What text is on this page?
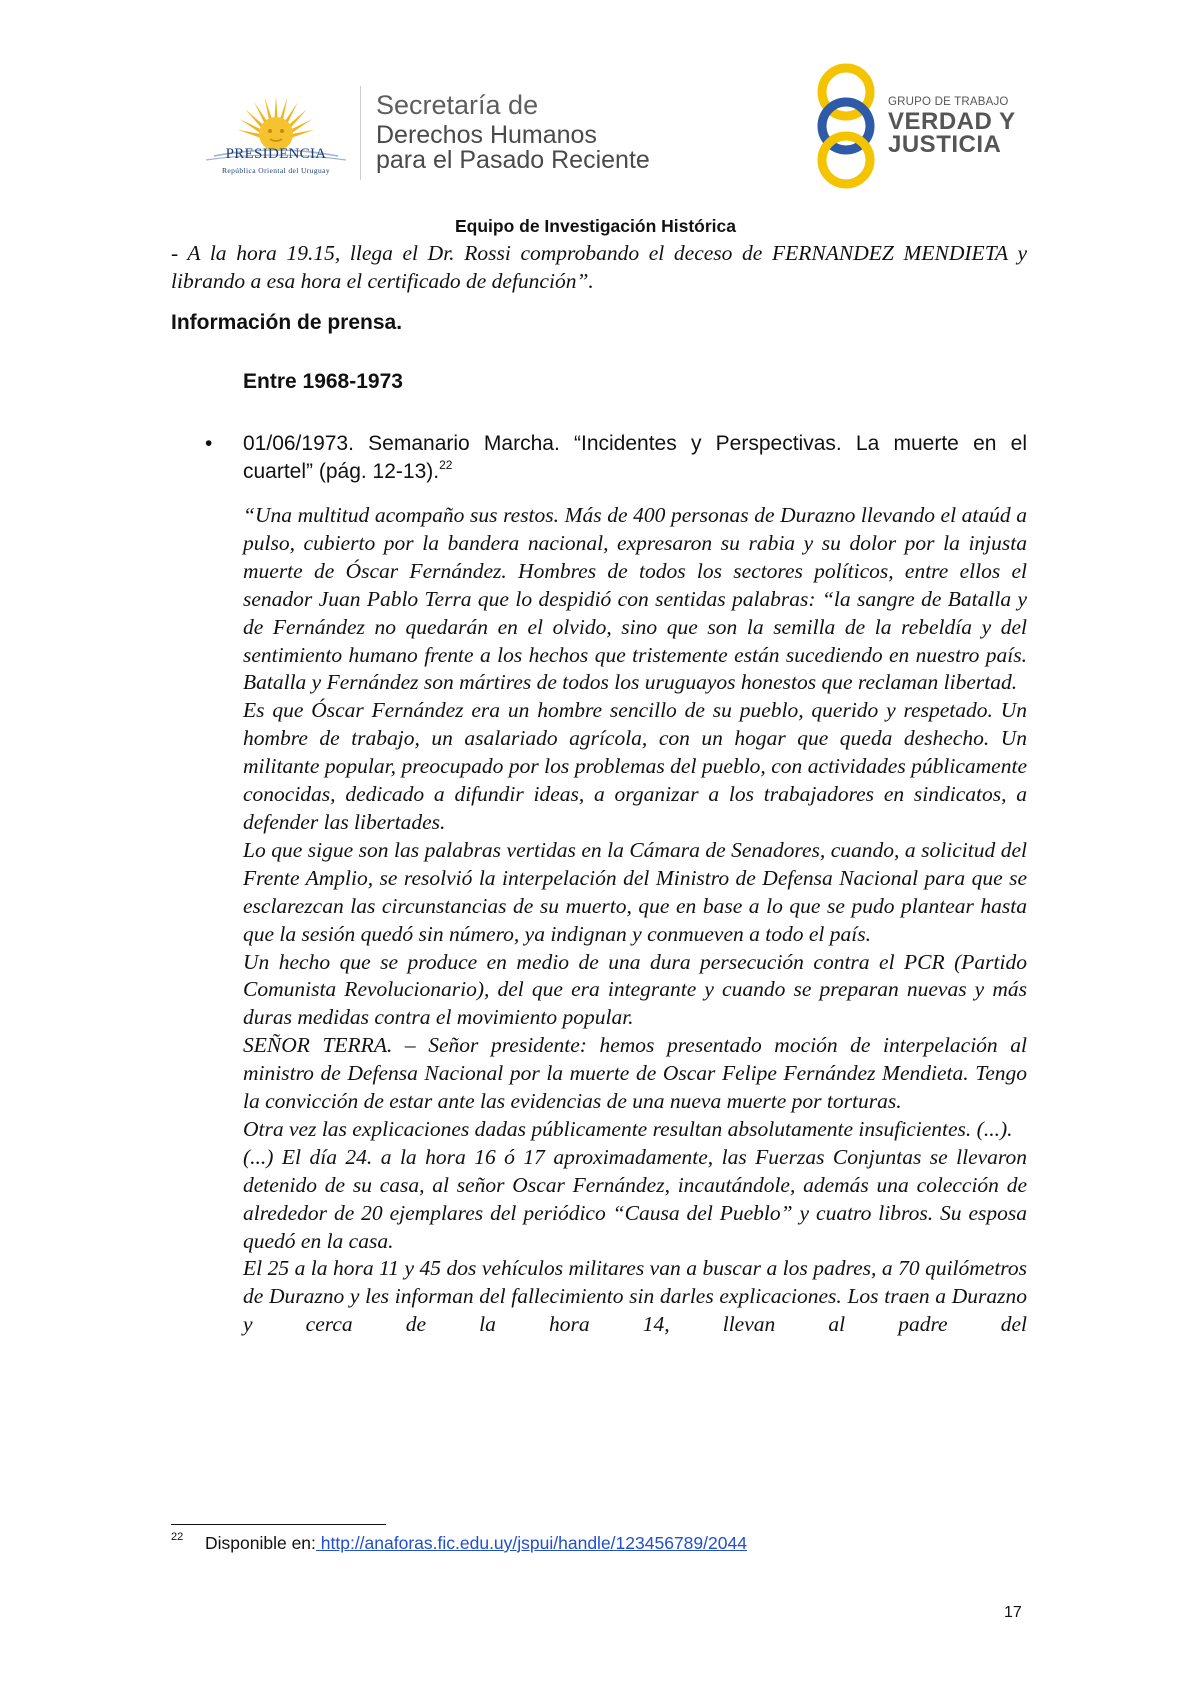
PRESIDENCIA
República Oriental del Uruguay
Secretaría de
Derechos Humanos
para el Pasado Reciente
GRUPO DE TRABAJO
VERDAD Y
JUSTICIA
Equipo de Investigación Histórica
- A la hora 19.15, llega el Dr. Rossi comprobando el deceso de FERNANDEZ MENDIETA y librando a esa hora el certificado de defunción”.
Información de prensa.
Entre 1968-1973
• 01/06/1973. Semanario Marcha. “Incidentes y Perspectivas. La muerte en el cuartel” (pág. 12-13).$^{22}$

“Una multitud acompaño sus restos. Más de 400 personas de Durazno llevando el ataúd a pulso, cubierto por la bandera nacional, expresaron su rabia y su dolor por la injusta muerte de Óscar Fernández. Hombres de todos los sectores políticos, entre ellos el senador Juan Pablo Terra que lo despidió con sentidas palabras: “la sangre de Batalla y de Fernández no quedarán en el olvido, sino que son la semilla de la rebeldía y del sentimiento humano frente a los hechos que tristemente están sucediendo en nuestro país. Batalla y Fernández son mártires de todos los uruguayos honestos que reclaman libertad.

Es que Óscar Fernández era un hombre sencillo de su pueblo, querido y respetado. Un hombre de trabajo, un asalariado agrícola, con un hogar que queda deshecho. Un militante popular, preocupado por los problemas del pueblo, con actividades públicamente conocidas, dedicado a difundir ideas, a organizar a los trabajadores en sindicatos, a defender las libertades.

Lo que sigue son las palabras vertidas en la Cámara de Senadores, cuando, a solicitud del Frente Amplio, se resolvió la interpelación del Ministro de Defensa Nacional para que se esclarezcan las circunstancias de su muerto, que en base a lo que se pudo plantear hasta que la sesión quedó sin número, ya indignan y conmueven a todo el país.

Un hecho que se produce en medio de una dura persecución contra el PCR (Partido Comunista Revolucionario), del que era integrante y cuando se preparan nuevas y más duras medidas contra el movimiento popular.

SEÑOR TERRA. – Señor presidente: hemos presentado moción de interpelación al ministro de Defensa Nacional por la muerte de Oscar Felipe Fernández Mendieta. Tengo la convicción de estar ante las evidencias de una nueva muerte por torturas.

Otra vez las explicaciones dadas públicamente resultan absolutamente insuficientes. (...).

(...) El día 24. a la hora 16 ó 17 aproximadamente, las Fuerzas Conjuntas se llevaron detenido de su casa, al señor Oscar Fernández, incautándole, además una colección de alrededor de 20 ejemplares del periódico “Causa del Pueblo” y cuatro libros. Su esposa quedó en la casa.

El 25 a la hora 11 y 45 dos vehículos militares van a buscar a los padres, a 70 quilómetros de Durazno y les informan del fallecimiento sin darles explicaciones. Los traen a Durazno y cerca de la hora 14, llevan al padre del

22 Disponible en: http://anaforas.fic.edu.uy/jspui/handle/123456789/2044
17
